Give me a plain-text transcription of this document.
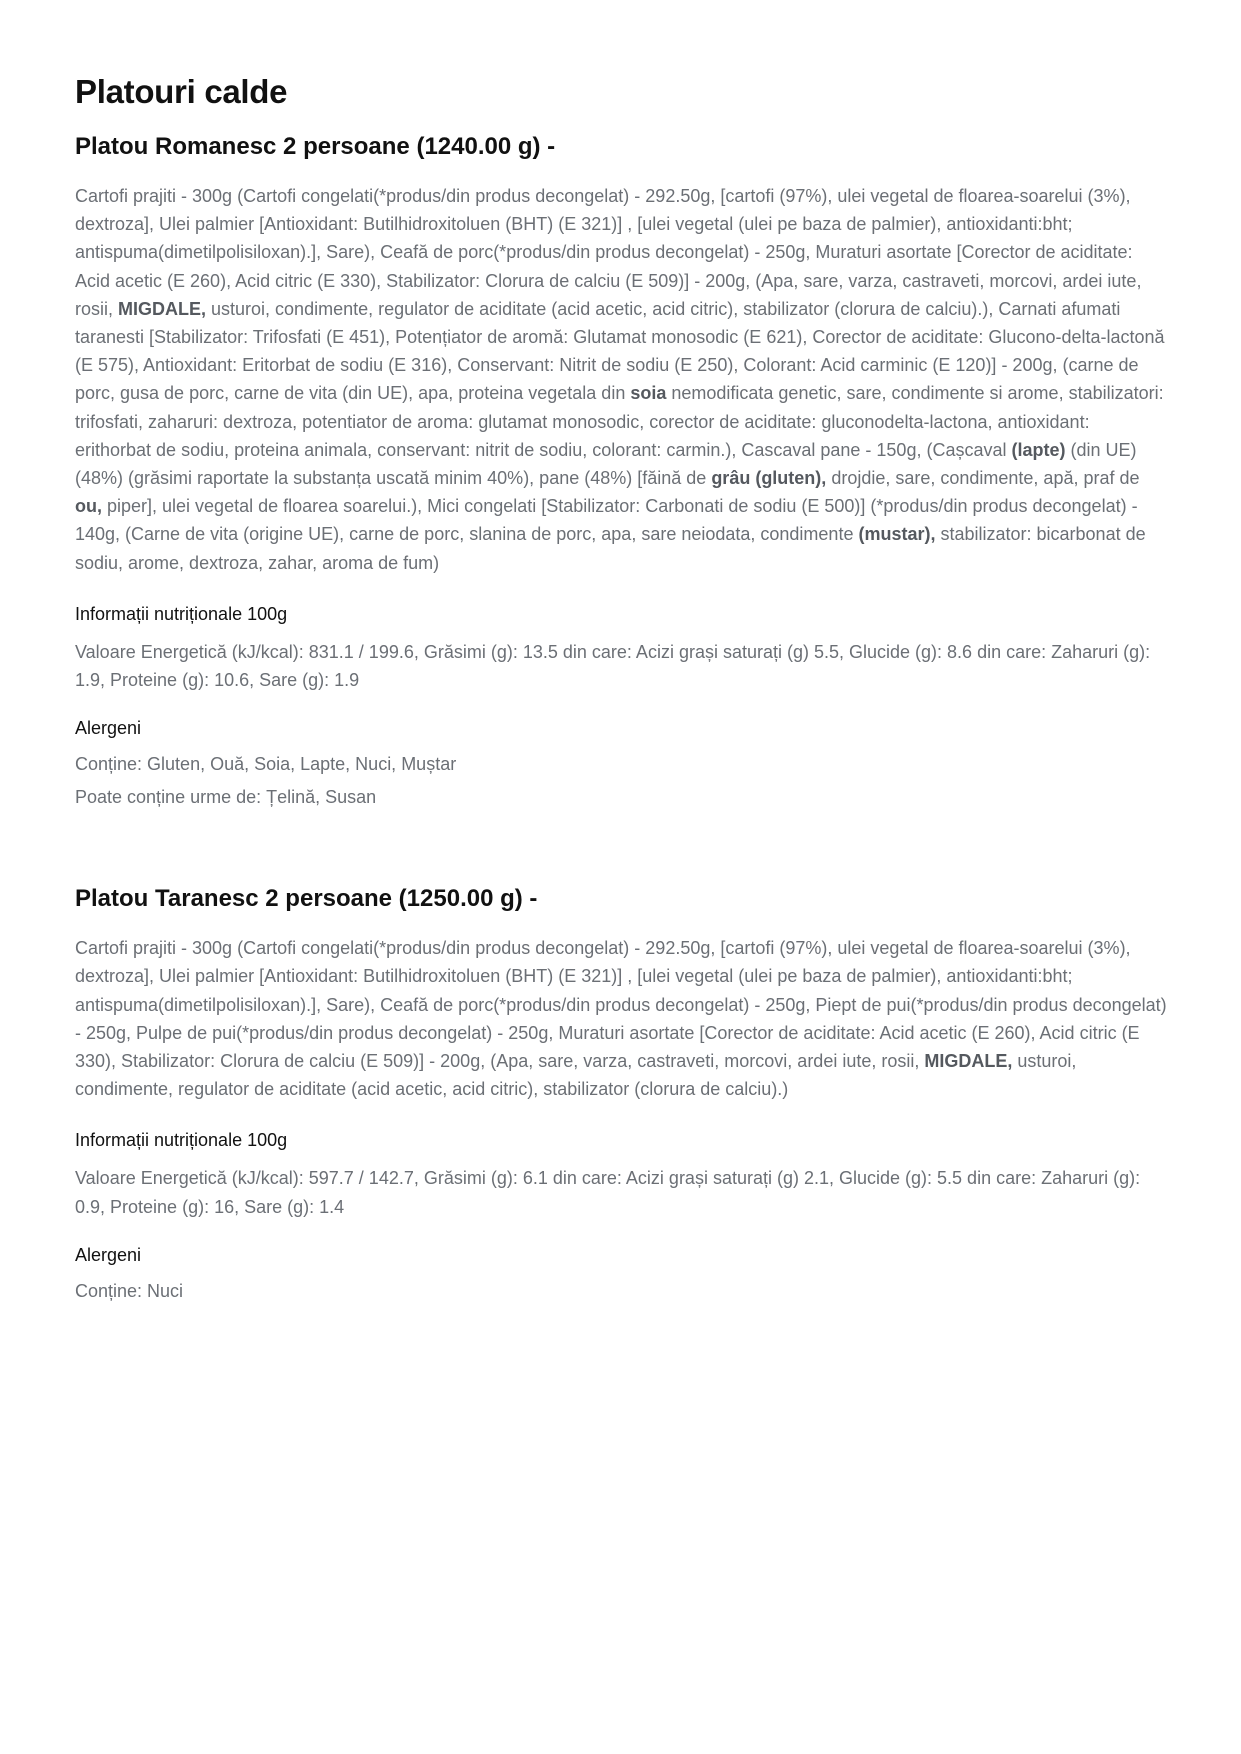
Platouri calde
Platou Romanesc 2 persoane (1240.00 g) -

Cartofi prajiti - 300g (Cartofi congelati(*produs/din produs decongelat) - 292.50g, [cartofi (97%), ulei vegetal de floarea-soarelui (3%), dextroza], Ulei palmier [Antioxidant: Butilhidroxitoluen (BHT) (E 321)] , [ulei vegetal (ulei pe baza de palmier), antioxidanti:bht; antispuma(dimetilpolisiloxan).], Sare), Ceafă de porc(*produs/din produs decongelat) - 250g, Muraturi asortate [Corector de aciditate: Acid acetic (E 260), Acid citric (E 330), Stabilizator: Clorura de calciu (E 509)] - 200g, (Apa, sare, varza, castraveti, morcovi, ardei iute, rosii, MIGDALE, usturoi, condimente, regulator de aciditate (acid acetic, acid citric), stabilizator (clorura de calciu).), Carnati afumati taranesti [Stabilizator: Trifosfati (E 451), Potențiator de aromă: Glutamat monosodic (E 621), Corector de aciditate: Glucono-delta-lactonă (E 575), Antioxidant: Eritorbat de sodiu (E 316), Conservant: Nitrit de sodiu (E 250), Colorant: Acid carminic (E 120)] - 200g, (carne de porc, gusa de porc, carne de vita (din UE), apa, proteina vegetala din soia nemodificata genetic, sare, condimente si arome, stabilizatori: trifosfati, zaharuri: dextroza, potentiator de aroma: glutamat monosodic, corector de aciditate: gluconodelta-lactona, antioxidant: erithorbat de sodiu, proteina animala, conservant: nitrit de sodiu, colorant: carmin.), Cascaval pane - 150g, (Cașcaval (lapte) (din UE) (48%) (grăsimi raportate la substanța uscată minim 40%), pane (48%) [făină de grâu (gluten), drojdie, sare, condimente, apă, praf de ou, piper], ulei vegetal de floarea soarelui.), Mici congelati [Stabilizator: Carbonati de sodiu (E 500)] (*produs/din produs decongelat) - 140g, (Carne de vita (origine UE), carne de porc, slanina de porc, apa, sare neiodata, condimente (mustar), stabilizator: bicarbonat de sodiu, arome, dextroza, zahar, aroma de fum)

Informații nutriționale 100g

Valoare Energetică (kJ/kcal): 831.1 / 199.6, Grăsimi (g): 13.5 din care: Acizi grași saturați (g) 5.5, Glucide (g): 8.6 din care: Zaharuri (g): 1.9, Proteine (g): 10.6, Sare (g): 1.9

Alergeni
Conține: Gluten, Ouă, Soia, Lapte, Nuci, Muștar
Poate conține urme de: Țelină, Susan
Platou Taranesc 2 persoane (1250.00 g) -

Cartofi prajiti - 300g (Cartofi congelati(*produs/din produs decongelat) - 292.50g, [cartofi (97%), ulei vegetal de floarea-soarelui (3%), dextroza], Ulei palmier [Antioxidant: Butilhidroxitoluen (BHT) (E 321)] , [ulei vegetal (ulei pe baza de palmier), antioxidanti:bht; antispuma(dimetilpolisiloxan).], Sare), Ceafă de porc(*produs/din produs decongelat) - 250g, Piept de pui(*produs/din produs decongelat) - 250g, Pulpe de pui(*produs/din produs decongelat) - 250g, Muraturi asortate [Corector de aciditate: Acid acetic (E 260), Acid citric (E 330), Stabilizator: Clorura de calciu (E 509)] - 200g, (Apa, sare, varza, castraveti, morcovi, ardei iute, rosii, MIGDALE, usturoi, condimente, regulator de aciditate (acid acetic, acid citric), stabilizator (clorura de calciu).)

Informații nutriționale 100g

Valoare Energetică (kJ/kcal): 597.7 / 142.7, Grăsimi (g): 6.1 din care: Acizi grași saturați (g) 2.1, Glucide (g): 5.5 din care: Zaharuri (g): 0.9, Proteine (g): 16, Sare (g): 1.4

Alergeni
Conține: Nuci
